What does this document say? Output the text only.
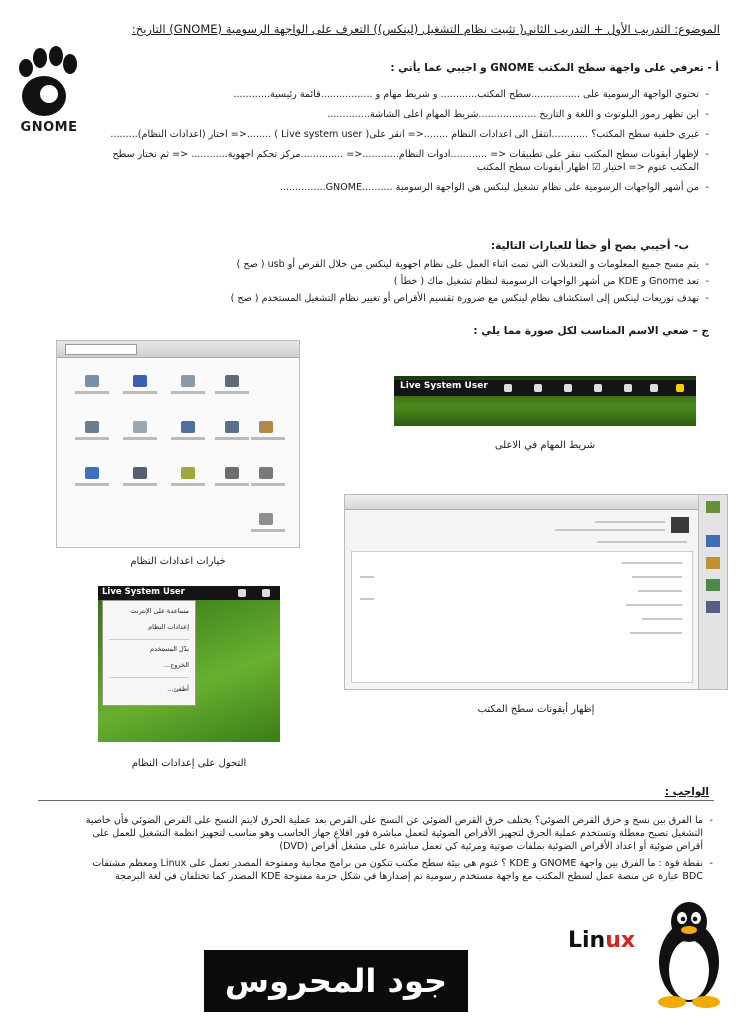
الموضوع: التدريب الأول + التدريب الثاني( تثبيت نظام التشغيل (لينكس)) التعرف على الواجهة الرسومية (GNOME) التاريخ:
GNOME
أ - تعرفي على واجهة سطح المكتب GNOME و اجيبي عما يأتي :
- تحتوي الواجهة الرسومية على ................سطح المكتب............ و شريط مهام و .................قائمة رئيسية............
- اين تظهر رموز البلوتوث و اللغة و التاريخ ...................شريط المهام اعلى الشاشة..............
- غيري خلفية سطح المكتب؟ ............انتقل الى اعدادات النظام ........<= انقر على( Live system user ) ........<= اختار (اعدادات النظام).........
- لإظهار أيقونات سطح المكتب ننقر على تطبيقات <= ............ادوات النظام............<= ..............مركز تحكم اجهوية............ <= ثم نختار سطح المكتب عنوم <= اختيار ☑ اظهار أيقونات سطح المكتب
- من أشهر الواجهات الرسومية على نظام تشغيل لينكس هي الواجهة الرسومية ..........GNOME...............
ب- أجيبي بصح أو خطأ للعبارات التالية:
- يتم مسح جميع المعلومات و التعديلات التي تمت اثناء العمل على نظام اجهوية لينكس من خلال القرص أو usb ( صح )
- تعد Gnome و KDE من أشهر الواجهات الرسومية لنظام تشغيل ماك ( خطأ )
- تهدف توزيعات لينكس إلى استكشاف نظام لينكس مع ضرورة تقسيم الأقراص أو تغيير نظام التشغيل المستخدم ( صح )
ج – ضعي الاسم المناسب لكل صورة مما يلي :
خيارات اعدادات النظام
Live System User
شريط المهام في الاعلى
إظهار أيقونات سطح المكتب
Live System User
مساعدة على الإنترنت
إعدادات النظام
بدّل المستخدم
الخروج...
أطفئ...
التحول على إعدادات النظام
الواجب :
- ما الفرق بين نسخ و حرق القرص الضوئي؟ يختلف حرق القرص الضوئي عن النسخ على القرص بعد عملية الحرق لايتم النسخ على القرص الضوئي فأن خاصية التشغيل تصبح معطلة وتستخدم عملية الحرق لتجهيز الأقراص الضوئية لتعمل مباشرة فور اقلاع جهاز الحاسب وهو مناسب لتجهيز انظمة التشغيل للعمل على أقراص ضوئية أو اعداد الأقراص الضوئية بملفات صوتية ومرئية كي تعمل مباشرة على مشغل أقراص (DVD)
- نقطة قوة : ما الفرق بين واجهة GNOME و KDE ؟ غنوم هي بيئة سطح مكتب تتكون من برامج مجانية ومفتوحة المصدر تعمل على Linux ومعظم مشتقات BDC عبارة عن منصة عمل لسطح المكتب مع واجهة مستخدم رسومية تم إصدارها في شكل حزمة مفتوحة KDE المصدر كما تختلفان في لغة البرمجة
Linux
جود المحروس
